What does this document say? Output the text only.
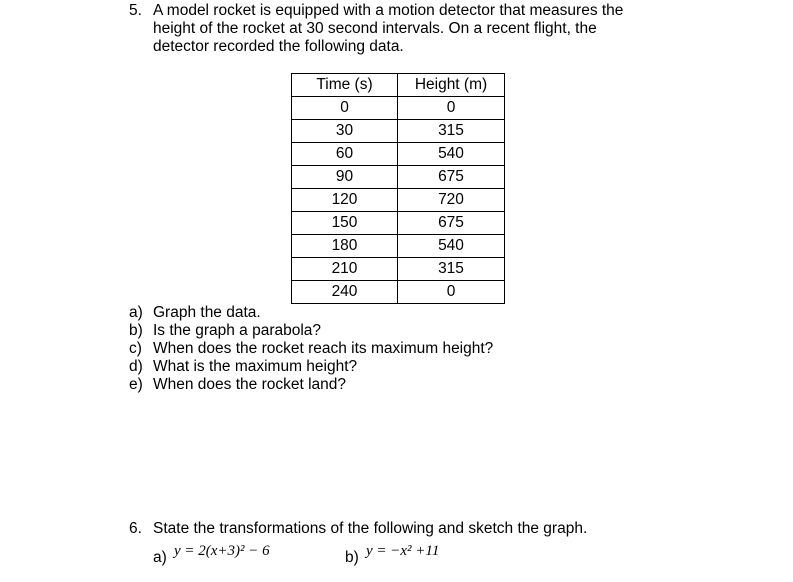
5. A model rocket is equipped with a motion detector that measures the
height of the rocket at 30 second intervals. On a recent flight, the
detector recorded the following data.
Time (s)	Height (m)
0	0
30	315
60	540
90	675
120	720
150	675
180	540
210	315
240	0
a) Graph the data.
b) Is the graph a parabola?
c) When does the rocket reach its maximum height?
d) What is the maximum height?
e) When does the rocket land?
6. State the transformations of the following and sketch the graph.
a) y = 2(x+3)² − 6	b) y = −x² +11
